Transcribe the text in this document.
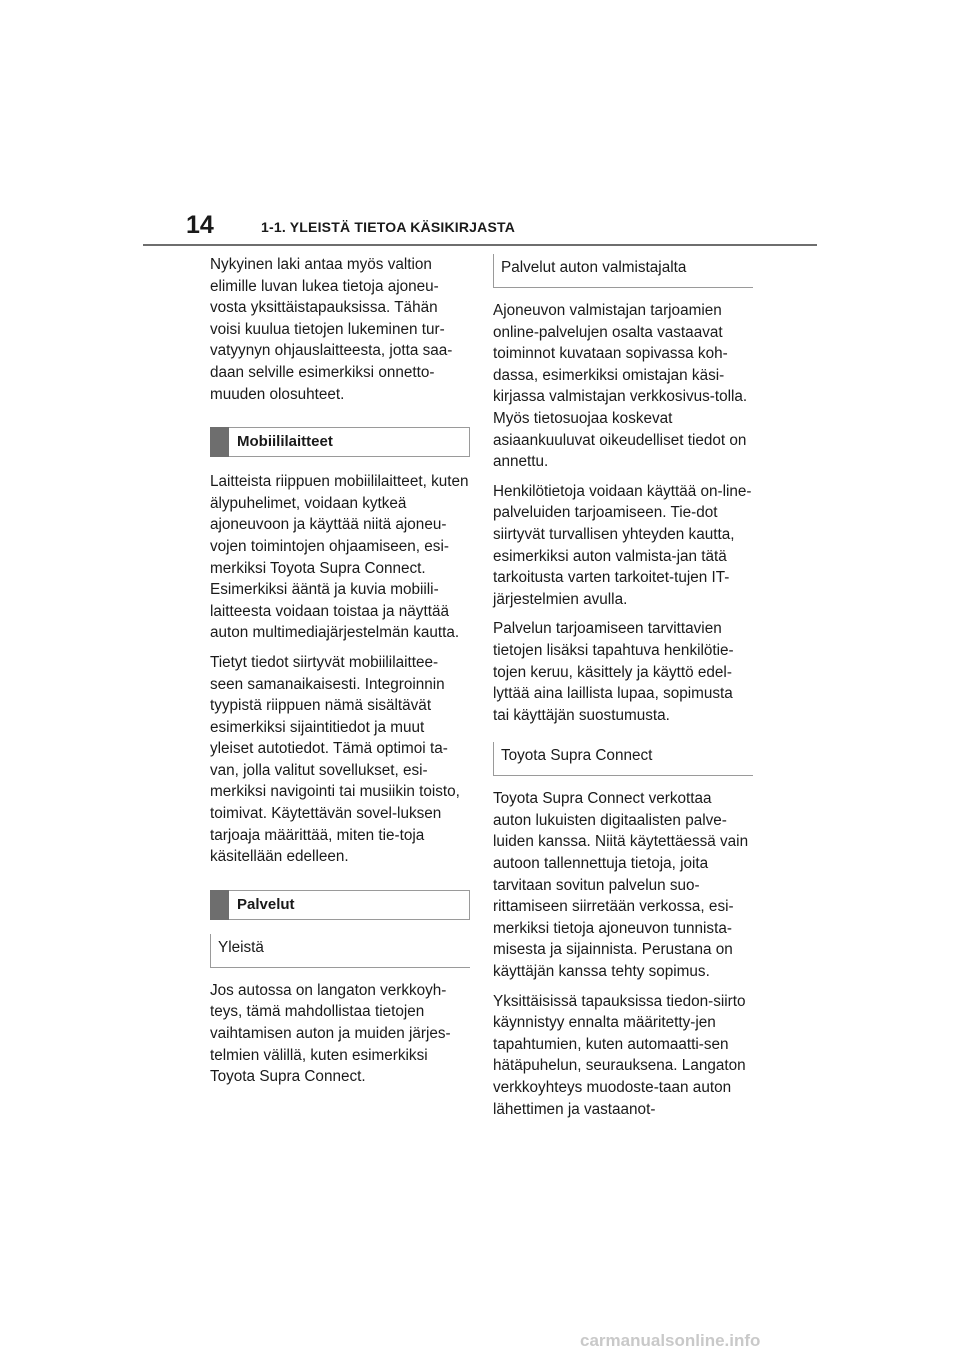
14	1-1. YLEISTÄ TIETOA KÄSIKIRJASTA

Nykyinen laki antaa myös valtion elimille luvan lukea tietoja ajoneu-vosta yksittäistapauksissa. Tähän voisi kuulua tietojen lukeminen tur-vatyynyn ohjauslaitteesta, jotta saa-daan selville esimerkiksi onnetto-muuden olosuhteet.

Mobiililaitteet

Laitteista riippuen mobiililaitteet, kuten älypuhelimet, voidaan kytkeä ajoneuvoon ja käyttää niitä ajoneu-vojen toimintojen ohjaamiseen, esi-merkiksi Toyota Supra Connect. Esimerkiksi ääntä ja kuvia mobiili-laitteesta voidaan toistaa ja näyttää auton multimediajärjestelmän kautta.

Tietyt tiedot siirtyvät mobiililaittee-seen samanaikaisesti. Integroinnin tyypistä riippuen nämä sisältävät esimerkiksi sijaintitiedot ja muut yleiset autotiedot. Tämä optimoi ta-van, jolla valitut sovellukset, esi-merkiksi navigointi tai musiikin toisto, toimivat. Käytettävän sovel-luksen tarjoaja määrittää, miten tie-toja käsitellään edelleen.

Palvelut
Yleistä

Jos autossa on langaton verkkoyh-teys, tämä mahdollistaa tietojen vaihtamisen auton ja muiden järjes-telmien välillä, kuten esimerkiksi Toyota Supra Connect.

Palvelut auton valmistajalta

Ajoneuvon valmistajan tarjoamien online-palvelujen osalta vastaavat toiminnot kuvataan sopivassa koh-dassa, esimerkiksi omistajan käsi-kirjassa valmistajan verkkosivus-tolla. Myös tietosuojaa koskevat asiaankuuluvat oikeudelliset tiedot on annettu.

Henkilötietoja voidaan käyttää on-line-palveluiden tarjoamiseen. Tie-dot siirtyvät turvallisen yhteyden kautta, esimerkiksi auton valmista-jan tätä tarkoitusta varten tarkoitet-tujen IT-järjestelmien avulla.

Palvelun tarjoamiseen tarvittavien tietojen lisäksi tapahtuva henkilötie-tojen keruu, käsittely ja käyttö edel-lyttää aina laillista lupaa, sopimusta tai käyttäjän suostumusta.

Toyota Supra Connect

Toyota Supra Connect verkottaa auton lukuisten digitaalisten palve-luiden kanssa. Niitä käytettäessä vain autoon tallennettuja tietoja, joita tarvitaan sovitun palvelun suo-rittamiseen siirretään verkossa, esi-merkiksi tietoja ajoneuvon tunnista-misesta ja sijainnista. Perustana on käyttäjän kanssa tehty sopimus.

Yksittäisissä tapauksissa tiedon-siirto käynnistyy ennalta määritetty-jen tapahtumien, kuten automaatti-sen hätäpuhelun, seurauksena. Langaton verkkoyhteys muodoste-taan auton lähettimen ja vastaanot-

carmanualsonline.info
